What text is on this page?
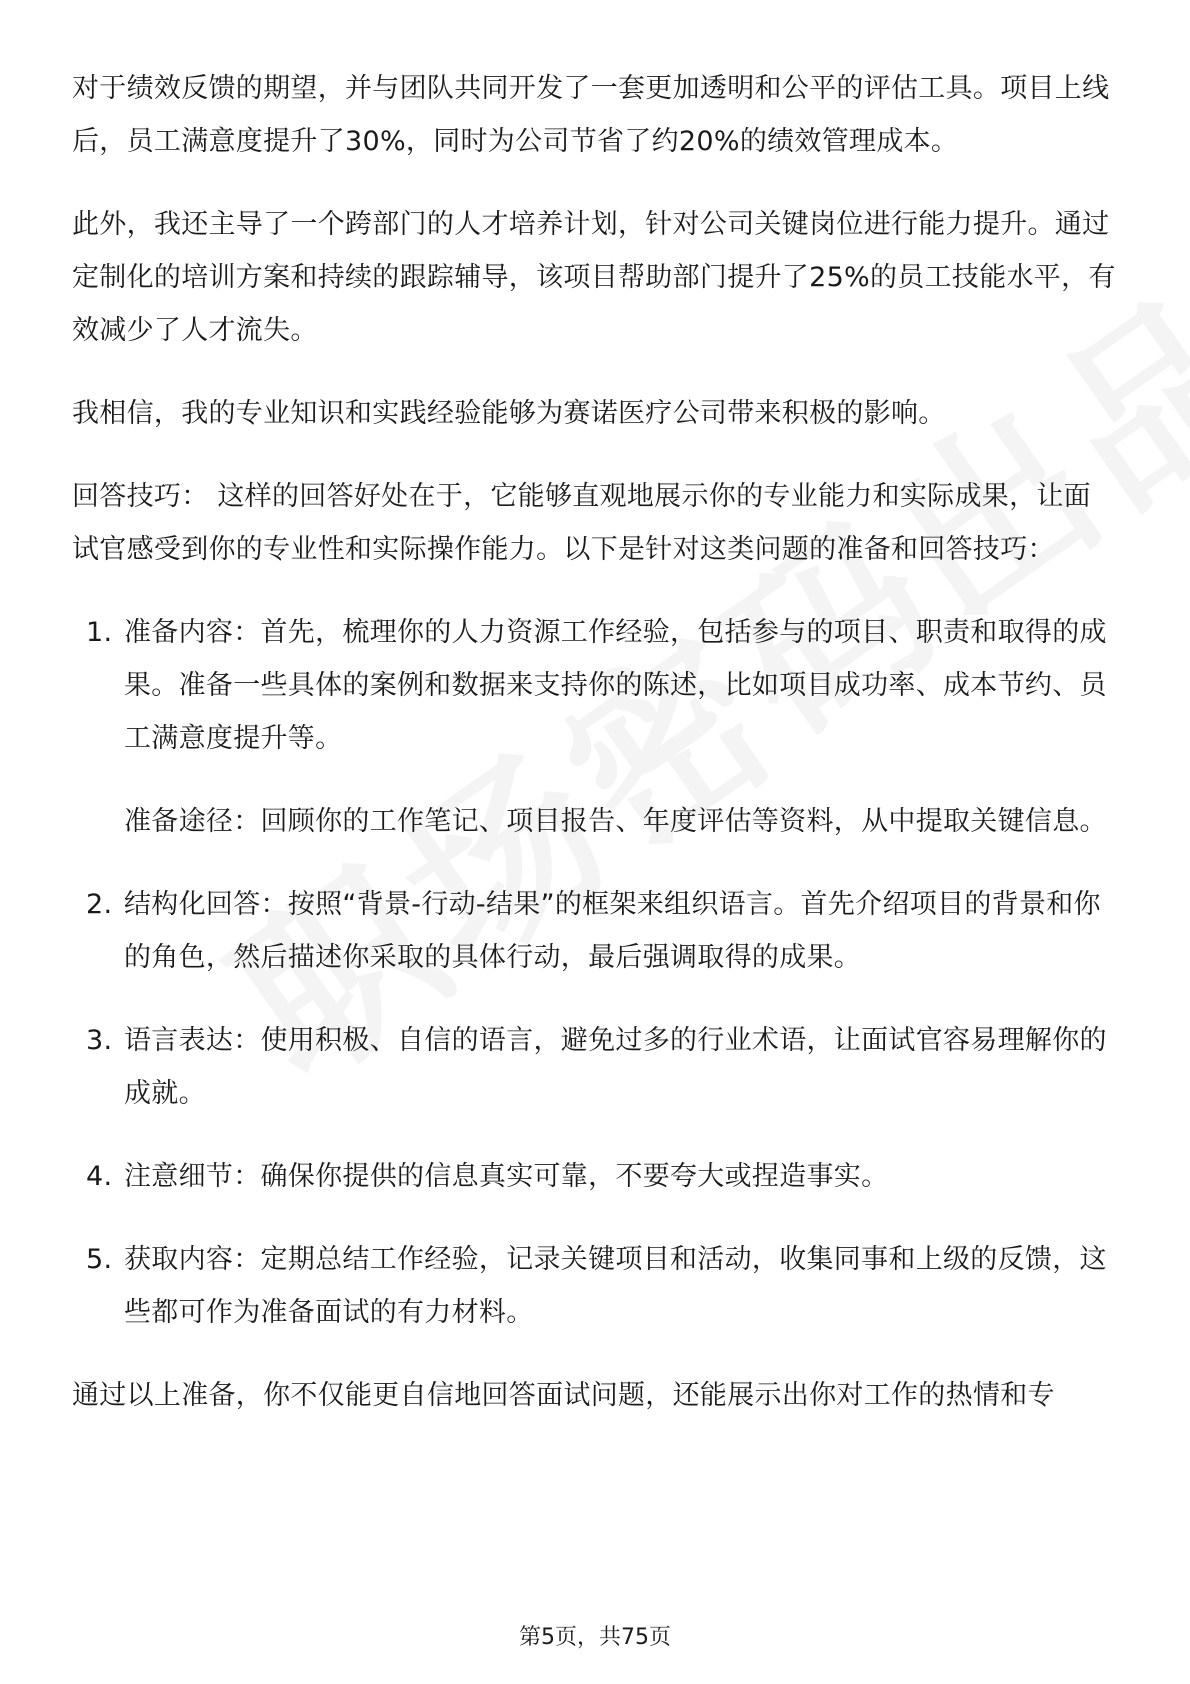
对于绩效反馈的期望，并与团队共同开发了一套更加透明和公平的评估工具。项目上线后，员工满意度提升了30%，同时为公司节省了约20%的绩效管理成本。

此外，我还主导了一个跨部门的人才培养计划，针对公司关键岗位进行能力提升。通过定制化的培训方案和持续的跟踪辅导，该项目帮助部门提升了25%的员工技能水平，有效减少了人才流失。

我相信，我的专业知识和实践经验能够为赛诺医疗公司带来积极的影响。

回答技巧： 这样的回答好处在于，它能够直观地展示你的专业能力和实际成果，让面试官感受到你的专业性和实际操作能力。以下是针对这类问题的准备和回答技巧：

1. 准备内容：首先，梳理你的人力资源工作经验，包括参与的项目、职责和取得的成果。准备一些具体的案例和数据来支持你的陈述，比如项目成功率、成本节约、员工满意度提升等。
准备途径：回顾你的工作笔记、项目报告、年度评估等资料，从中提取关键信息。
2. 结构化回答：按照“背景-行动-结果”的框架来组织语言。首先介绍项目的背景和你的角色，然后描述你采取的具体行动，最后强调取得的成果。
3. 语言表达：使用积极、自信的语言，避免过多的行业术语，让面试官容易理解你的成就。
4. 注意细节：确保你提供的信息真实可靠，不要夸大或捏造事实。
5. 获取内容：定期总结工作经验，记录关键项目和活动，收集同事和上级的反馈，这些都可作为准备面试的有力材料。

通过以上准备，你不仅能更自信地回答面试问题，还能展示出你对工作的热情和专

第5页，共75页
